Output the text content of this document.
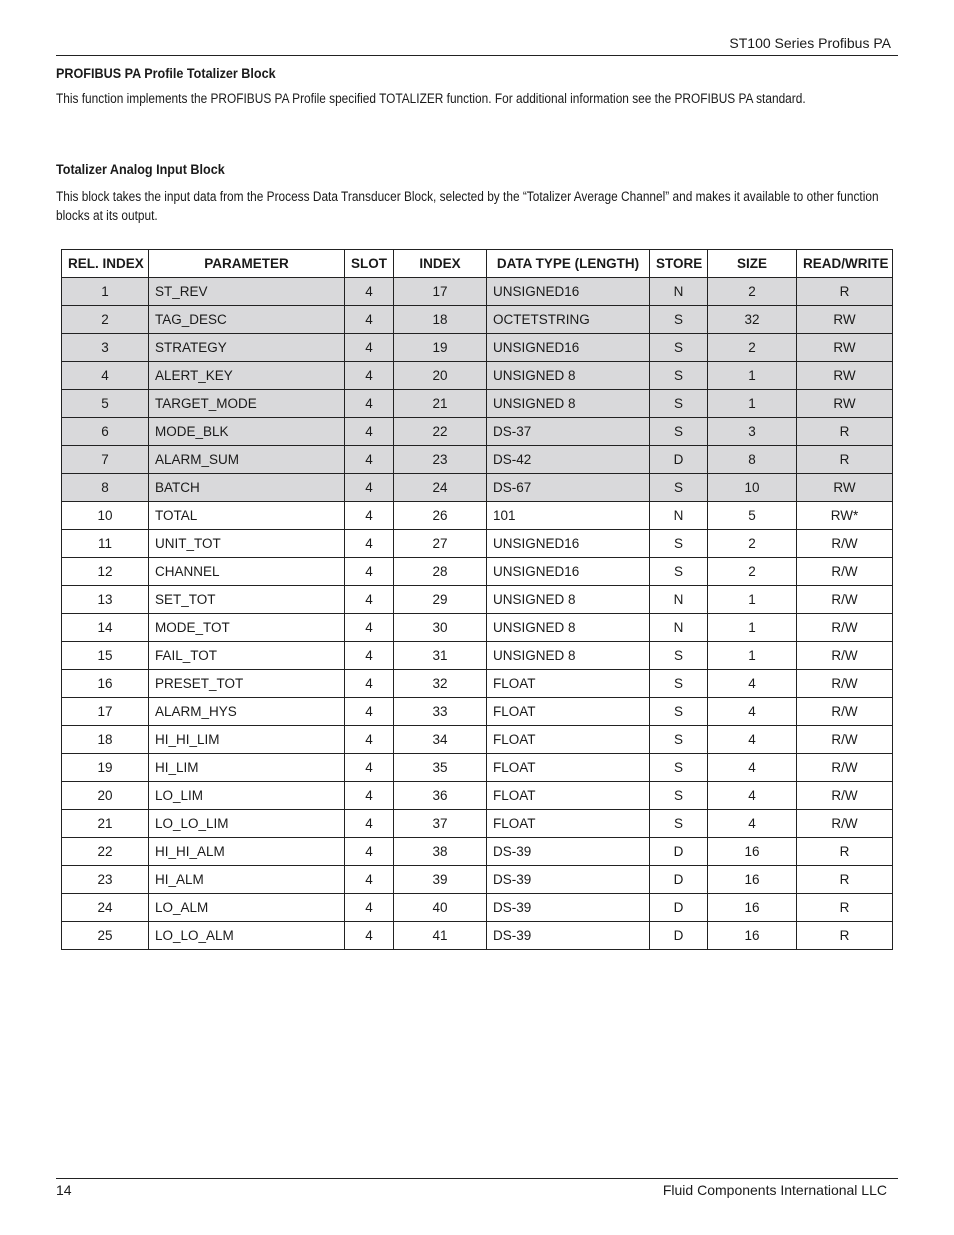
ST100 Series Profibus PA
PROFIBUS PA Profile Totalizer Block
This function implements the PROFIBUS PA Profile specified TOTALIZER function. For additional information see the PROFIBUS PA standard.
Totalizer Analog Input Block
This block takes the input data from the Process Data Transducer Block, selected by the “Totalizer Average Channel” and makes it available to other function blocks at its output.
REL. INDEX	PARAMETER	SLOT	INDEX	DATA TYPE (LENGTH)	STORE	SIZE	READ/WRITE
1	ST_REV	4	17	UNSIGNED16	N	2	R
2	TAG_DESC	4	18	OCTETSTRING	S	32	RW
3	STRATEGY	4	19	UNSIGNED16	S	2	RW
4	ALERT_KEY	4	20	UNSIGNED 8	S	1	RW
5	TARGET_MODE	4	21	UNSIGNED 8	S	1	RW
6	MODE_BLK	4	22	DS-37	S	3	R
7	ALARM_SUM	4	23	DS-42	D	8	R
8	BATCH	4	24	DS-67	S	10	RW
10	TOTAL	4	26	101	N	5	RW*
11	UNIT_TOT	4	27	UNSIGNED16	S	2	R/W
12	CHANNEL	4	28	UNSIGNED16	S	2	R/W
13	SET_TOT	4	29	UNSIGNED 8	N	1	R/W
14	MODE_TOT	4	30	UNSIGNED 8	N	1	R/W
15	FAIL_TOT	4	31	UNSIGNED 8	S	1	R/W
16	PRESET_TOT	4	32	FLOAT	S	4	R/W
17	ALARM_HYS	4	33	FLOAT	S	4	R/W
18	HI_HI_LIM	4	34	FLOAT	S	4	R/W
19	HI_LIM	4	35	FLOAT	S	4	R/W
20	LO_LIM	4	36	FLOAT	S	4	R/W
21	LO_LO_LIM	4	37	FLOAT	S	4	R/W
22	HI_HI_ALM	4	38	DS-39	D	16	R
23	HI_ALM	4	39	DS-39	D	16	R
24	LO_ALM	4	40	DS-39	D	16	R
25	LO_LO_ALM	4	41	DS-39	D	16	R
14	Fluid Components International LLC
